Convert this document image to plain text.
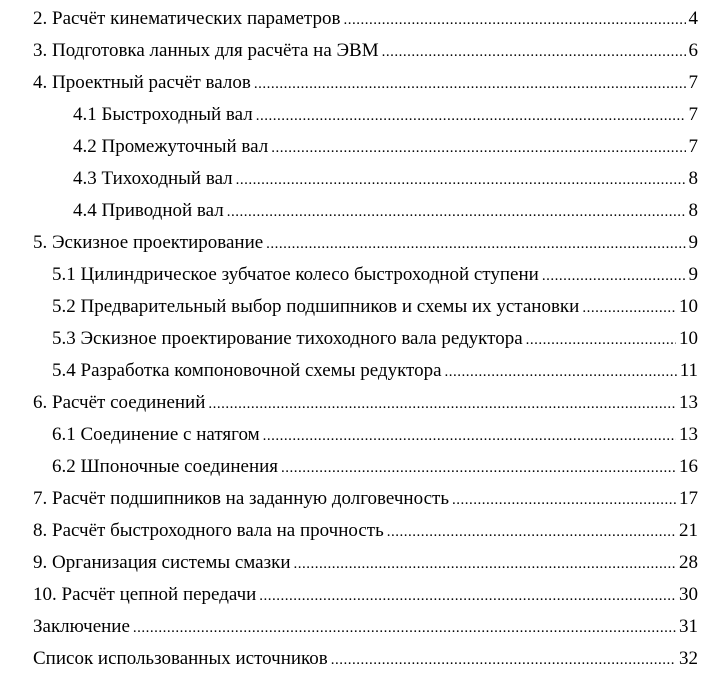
2. Расчёт кинематических параметров .....	4
3. Подготовка ланных для расчёта на ЭВМ .....	6
4. Проектный расчёт валов .....	7
4.1 Быстроходный вал .....	7
4.2 Промежуточный вал .....	7
4.3 Тихоходный вал .....	8
4.4 Приводной вал .....	8
5. Эскизное проектирование .....	9
5.1 Цилиндрическое зубчатое колесо быстроходной ступени .....	9
5.2 Предварительный выбор подшипников и схемы их установки .....	10
5.3 Эскизное проектирование тихоходного вала редуктора .....	10
5.4 Разработка компоновочной схемы редуктора .....	11
6. Расчёт соединений .....	13
6.1 Соединение с натягом .....	13
6.2 Шпоночные соединения .....	16
7. Расчёт подшипников на заданную долговечность .....	17
8. Расчёт быстроходного вала на прочность .....	21
9. Организация системы смазки .....	28
10. Расчёт цепной передачи .....	30
Заключение .....	31
Список использованных источников .....	32
